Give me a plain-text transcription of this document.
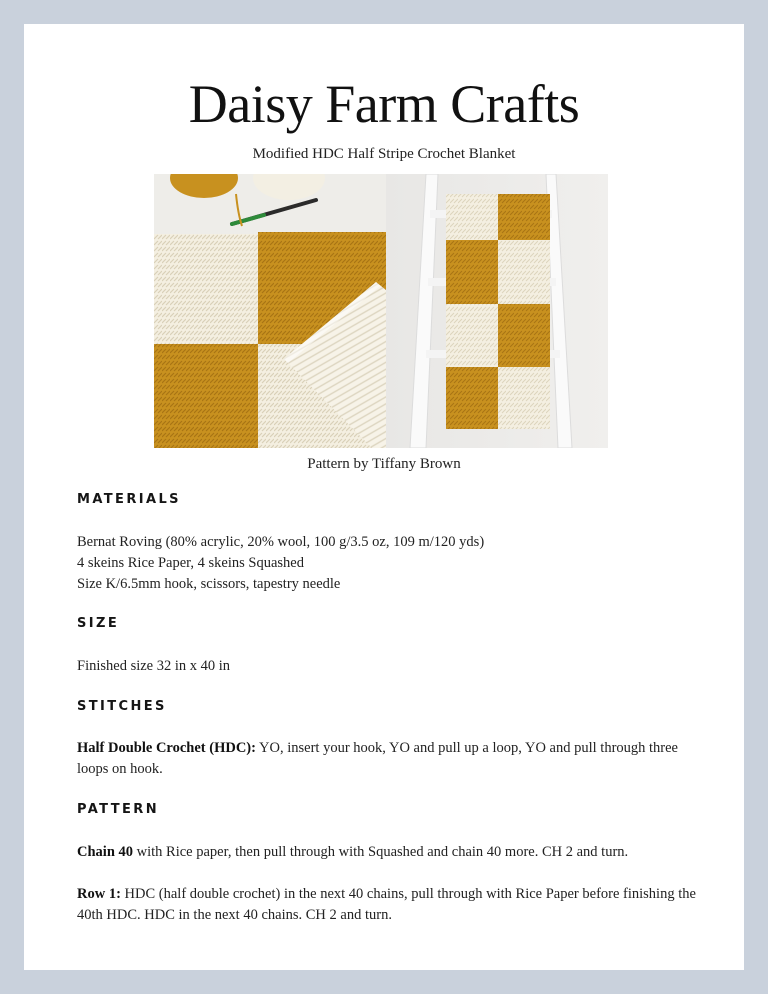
Daisy Farm Crafts
Modified HDC Half Stripe Crochet Blanket
Pattern by Tiffany Brown
MATERIALS
Bernat Roving (80% acrylic, 20% wool, 100 g/3.5 oz, 109 m/120 yds)
4 skeins Rice Paper, 4 skeins Squashed
Size K/6.5mm hook, scissors, tapestry needle
SIZE
Finished size 32 in x 40 in
STITCHES
Half Double Crochet (HDC): YO, insert your hook, YO and pull up a loop, YO and pull through three loops on hook.
PATTERN
Chain 40 with Rice paper, then pull through with Squashed and chain 40 more. CH 2 and turn.
Row 1: HDC (half double crochet) in the next 40 chains, pull through with Rice Paper before finishing the 40th HDC. HDC in the next 40 chains. CH 2 and turn.
